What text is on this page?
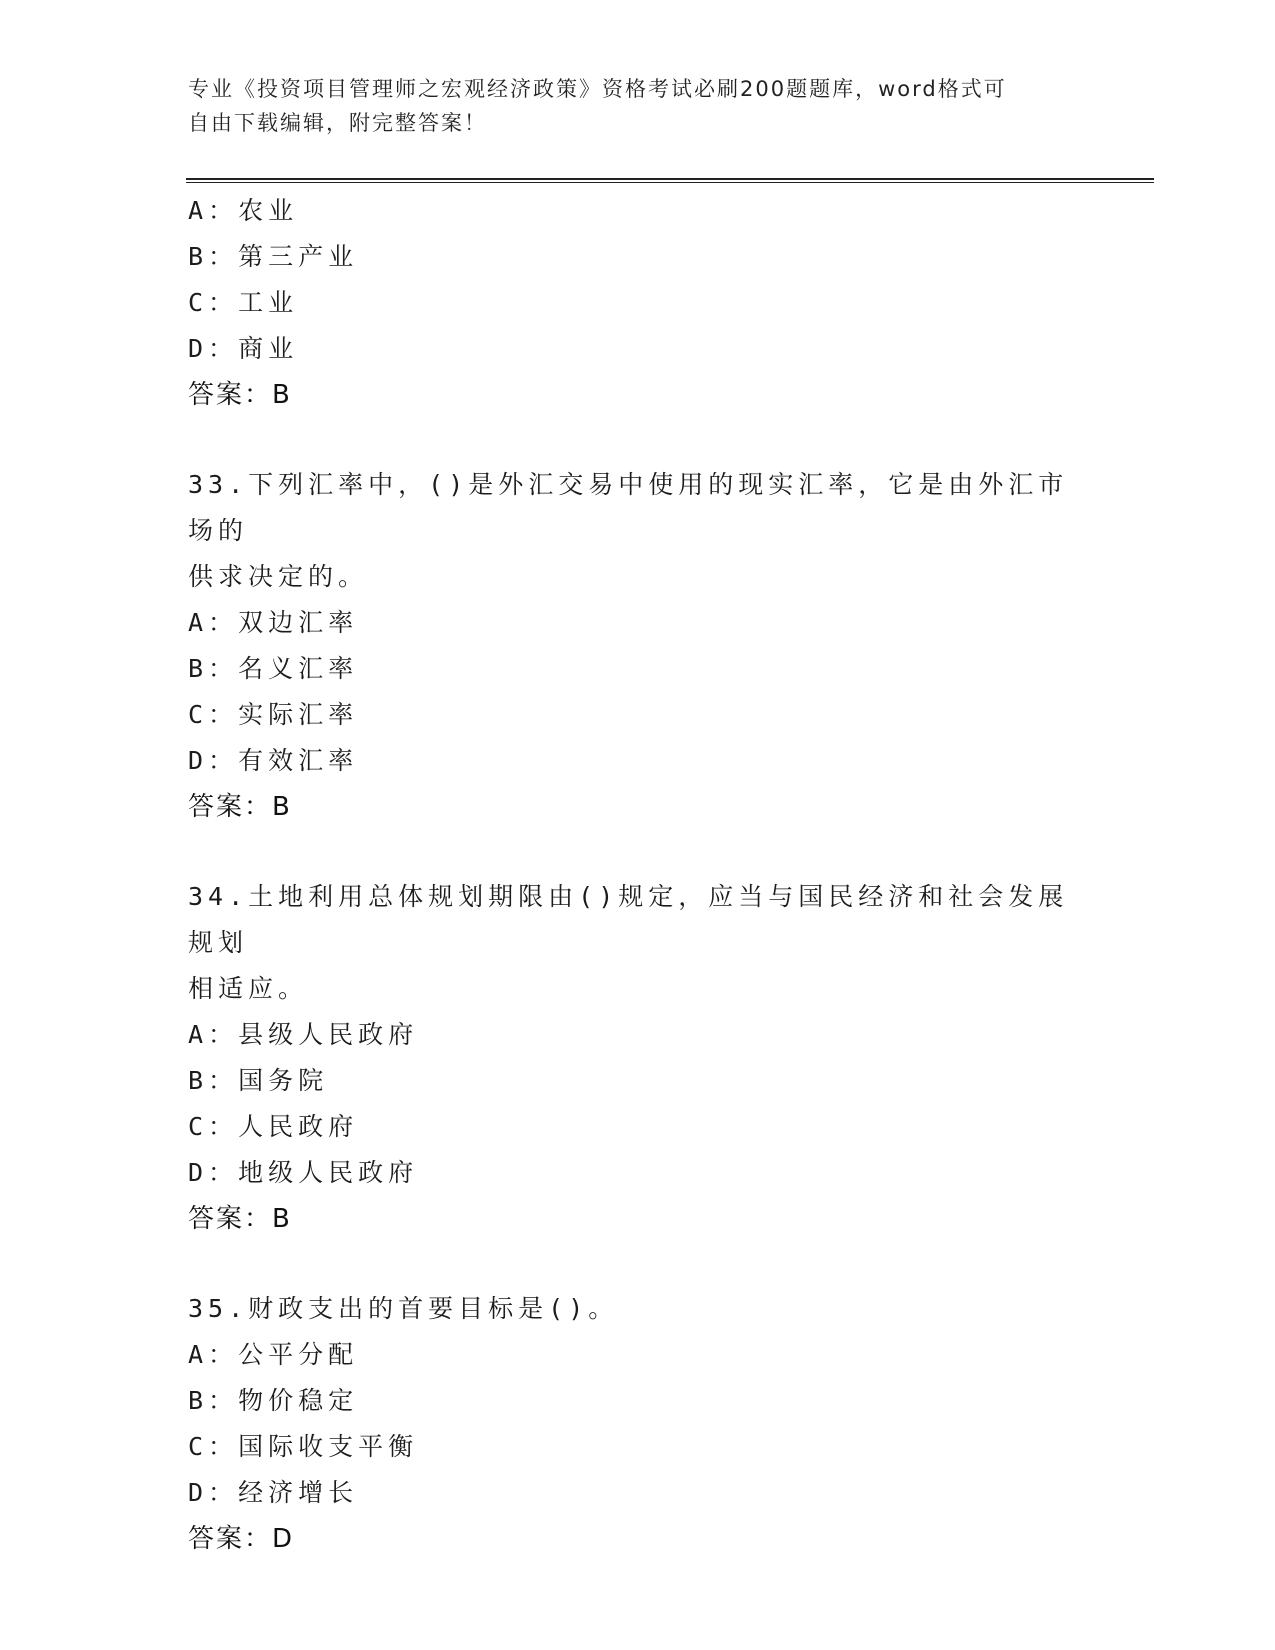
专业《投资项目管理师之宏观经济政策》资格考试必刷200题题库，word格式可
自由下载编辑，附完整答案！
A：农业
B：第三产业
C：工业
D：商业
答案：B
33.下列汇率中，()是外汇交易中使用的现实汇率，它是由外汇市场的
供求决定的。
A：双边汇率
B：名义汇率
C：实际汇率
D：有效汇率
答案：B
34.土地利用总体规划期限由()规定，应当与国民经济和社会发展规划
相适应。
A：县级人民政府
B：国务院
C：人民政府
D：地级人民政府
答案：B
35.财政支出的首要目标是()。
A：公平分配
B：物价稳定
C：国际收支平衡
D：经济增长
答案：D
